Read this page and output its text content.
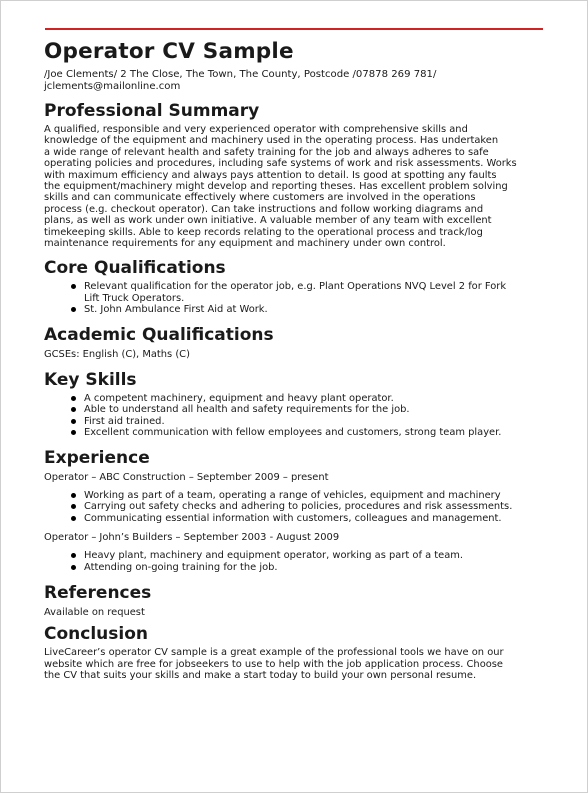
Operator CV Sample
/Joe Clements/ 2 The Close, The Town, The County, Postcode /07878 269 781/
jclements@mailonline.com
Professional Summary
A qualified, responsible and very experienced operator with comprehensive skills and
knowledge of the equipment and machinery used in the operating process. Has undertaken
a wide range of relevant health and safety training for the job and always adheres to safe
operating policies and procedures, including safe systems of work and risk assessments. Works
with maximum efficiency and always pays attention to detail. Is good at spotting any faults
the equipment/machinery might develop and reporting theses. Has excellent problem solving
skills and can communicate effectively where customers are involved in the operations
process (e.g. checkout operator). Can take instructions and follow working diagrams and
plans, as well as work under own initiative. A valuable member of any team with excellent
timekeeping skills. Able to keep records relating to the operational process and track/log
maintenance requirements for any equipment and machinery under own control.
Core Qualifications
Relevant qualification for the operator job, e.g. Plant Operations NVQ Level 2 for Fork
Lift Truck Operators.
St. John Ambulance First Aid at Work.
Academic Qualifications
GCSEs: English (C), Maths (C)
Key Skills
A competent machinery, equipment and heavy plant operator.
Able to understand all health and safety requirements for the job.
First aid trained.
Excellent communication with fellow employees and customers, strong team player.
Experience
Operator – ABC Construction – September 2009 – present
Working as part of a team, operating a range of vehicles, equipment and machinery
Carrying out safety checks and adhering to policies, procedures and risk assessments.
Communicating essential information with customers, colleagues and management.
Operator – John’s Builders – September 2003 - August 2009
Heavy plant, machinery and equipment operator, working as part of a team.
Attending on-going training for the job.
References
Available on request
Conclusion
LiveCareer’s operator CV sample is a great example of the professional tools we have on our
website which are free for jobseekers to use to help with the job application process. Choose
the CV that suits your skills and make a start today to build your own personal resume.
